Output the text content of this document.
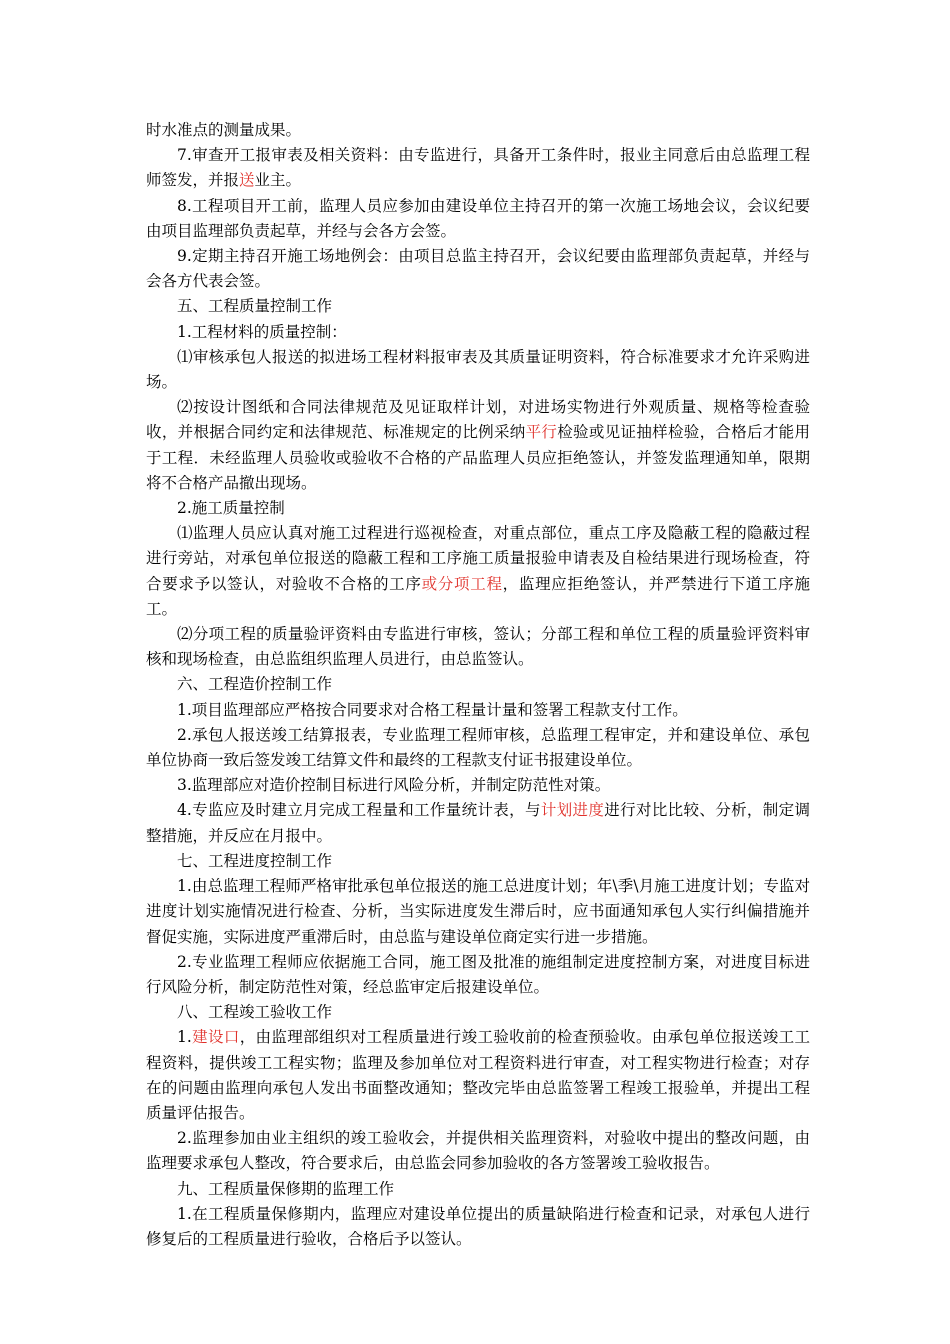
时水准点的测量成果。

7.审查开工报审表及相关资料：由专监进行，具备开工条件时，报业主同意后由总监理工程师签发，并报送业主。

8.工程项目开工前，监理人员应参加由建设单位主持召开的第一次施工场地会议，会议纪要由项目监理部负责起草，并经与会各方会签。

9.定期主持召开施工场地例会：由项目总监主持召开，会议纪要由监理部负责起草，并经与会各方代表会签。

五、工程质量控制工作

1.工程材料的质量控制：

⑴审核承包人报送的拟进场工程材料报审表及其质量证明资料，符合标准要求才允许采购进场。

⑵按设计图纸和合同法律规范及见证取样计划，对进场实物进行外观质量、规格等检查验收，并根据合同约定和法律规范、标准规定的比例采纳平行检验或见证抽样检验，合格后才能用于工程．未经监理人员验收或验收不合格的产品监理人员应拒绝签认，并签发监理通知单，限期将不合格产品撤出现场。

2.施工质量控制

⑴监理人员应认真对施工过程进行巡视检查，对重点部位，重点工序及隐蔽工程的隐蔽过程进行旁站，对承包单位报送的隐蔽工程和工序施工质量报验申请表及自检结果进行现场检查，符合要求予以签认，对验收不合格的工序或分项工程，监理应拒绝签认，并严禁进行下道工序施工。

⑵分项工程的质量验评资料由专监进行审核，签认；分部工程和单位工程的质量验评资料审核和现场检查，由总监组织监理人员进行，由总监签认。

六、工程造价控制工作

1.项目监理部应严格按合同要求对合格工程量计量和签署工程款支付工作。

2.承包人报送竣工结算报表，专业监理工程师审核，总监理工程审定，并和建设单位、承包单位协商一致后签发竣工结算文件和最终的工程款支付证书报建设单位。

3.监理部应对造价控制目标进行风险分析，并制定防范性对策。

4.专监应及时建立月完成工程量和工作量统计表，与计划进度进行对比比较、分析，制定调整措施，并反应在月报中。

七、工程进度控制工作

1.由总监理工程师严格审批承包单位报送的施工总进度计划；年\季\月施工进度计划；专监对进度计划实施情况进行检查、分析，当实际进度发生滞后时，应书面通知承包人实行纠偏措施并督促实施，实际进度严重滞后时，由总监与建设单位商定实行进一步措施。

2.专业监理工程师应依据施工合同，施工图及批准的施组制定进度控制方案，对进度目标进行风险分析，制定防范性对策，经总监审定后报建设单位。

八、工程竣工验收工作

1.建设口，由监理部组织对工程质量进行竣工验收前的检查预验收。由承包单位报送竣工工程资料，提供竣工工程实物；监理及参加单位对工程资料进行审查，对工程实物进行检查；对存在的问题由监理向承包人发出书面整改通知；整改完毕由总监签署工程竣工报验单，并提出工程质量评估报告。

2.监理参加由业主组织的竣工验收会，并提供相关监理资料，对验收中提出的整改问题，由监理要求承包人整改，符合要求后，由总监会同参加验收的各方签署竣工验收报告。

九、工程质量保修期的监理工作

1.在工程质量保修期内，监理应对建设单位提出的质量缺陷进行检查和记录，对承包人进行修复后的工程质量进行验收，合格后予以签认。
